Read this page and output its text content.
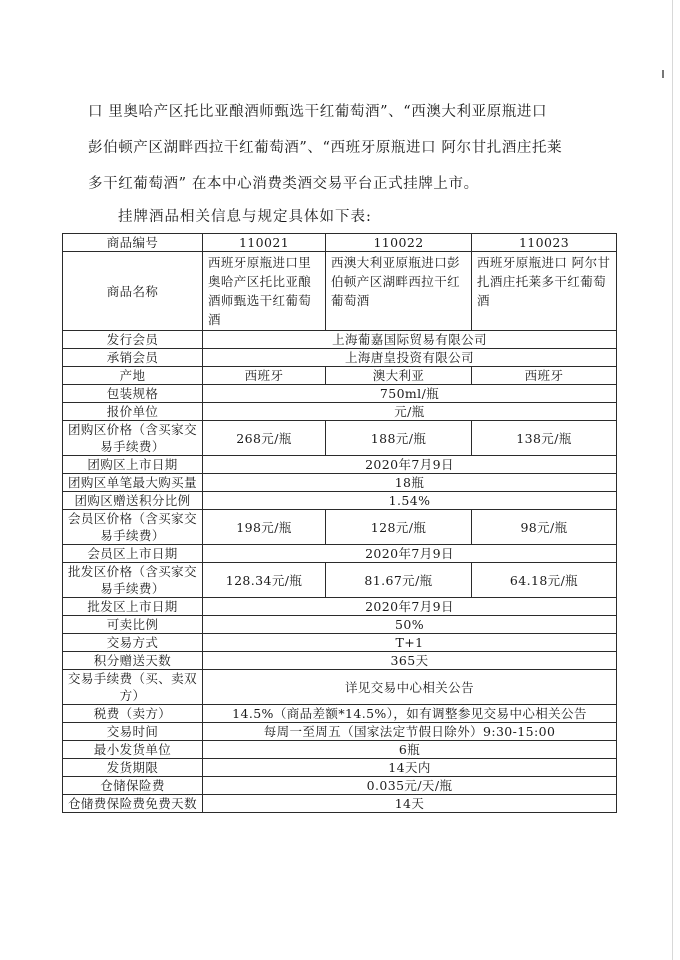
口 里奥哈产区托比亚酿酒师甄选干红葡萄酒”、“西澳大利亚原瓶进口
彭伯顿产区湖畔西拉干红葡萄酒”、“西班牙原瓶进口 阿尔甘扎酒庄托莱
多干红葡萄酒” 在本中心消费类酒交易平台正式挂牌上市。
挂牌酒品相关信息与规定具体如下表:
商品编号	110021	110022	110023
商品名称	西班牙原瓶进口里奥哈产区托比亚酿酒师甄选干红葡萄酒	西澳大利亚原瓶进口彭伯顿产区湖畔西拉干红葡萄酒	西班牙原瓶进口 阿尔甘扎酒庄托莱多干红葡萄酒
发行会员	上海葡嘉国际贸易有限公司		
承销会员	上海唐皇投资有限公司		
产地	西班牙	澳大利亚	西班牙
包装规格	750ml/瓶		
报价单位	元/瓶		
团购区价格（含买家交易手续费）	268元/瓶	188元/瓶	138元/瓶
团购区上市日期	2020年7月9日		
团购区单笔最大购买量	18瓶		
团购区赠送积分比例	1.54%		
会员区价格（含买家交易手续费）	198元/瓶	128元/瓶	98元/瓶
会员区上市日期	2020年7月9日		
批发区价格（含买家交易手续费）	128.34元/瓶	81.67元/瓶	64.18元/瓶
批发区上市日期	2020年7月9日		
可卖比例	50%		
交易方式	T+1		
积分赠送天数	365天		
交易手续费（买、卖双方）	详见交易中心相关公告		
税费（卖方）	14.5%（商品差额*14.5%），如有调整参见交易中心相关公告		
交易时间	每周一至周五（国家法定节假日除外）9:30-15:00		
最小发货单位	6瓶		
发货期限	14天内		
仓储保险费	0.035元/天/瓶		
仓储费保险费免费天数	14天		
